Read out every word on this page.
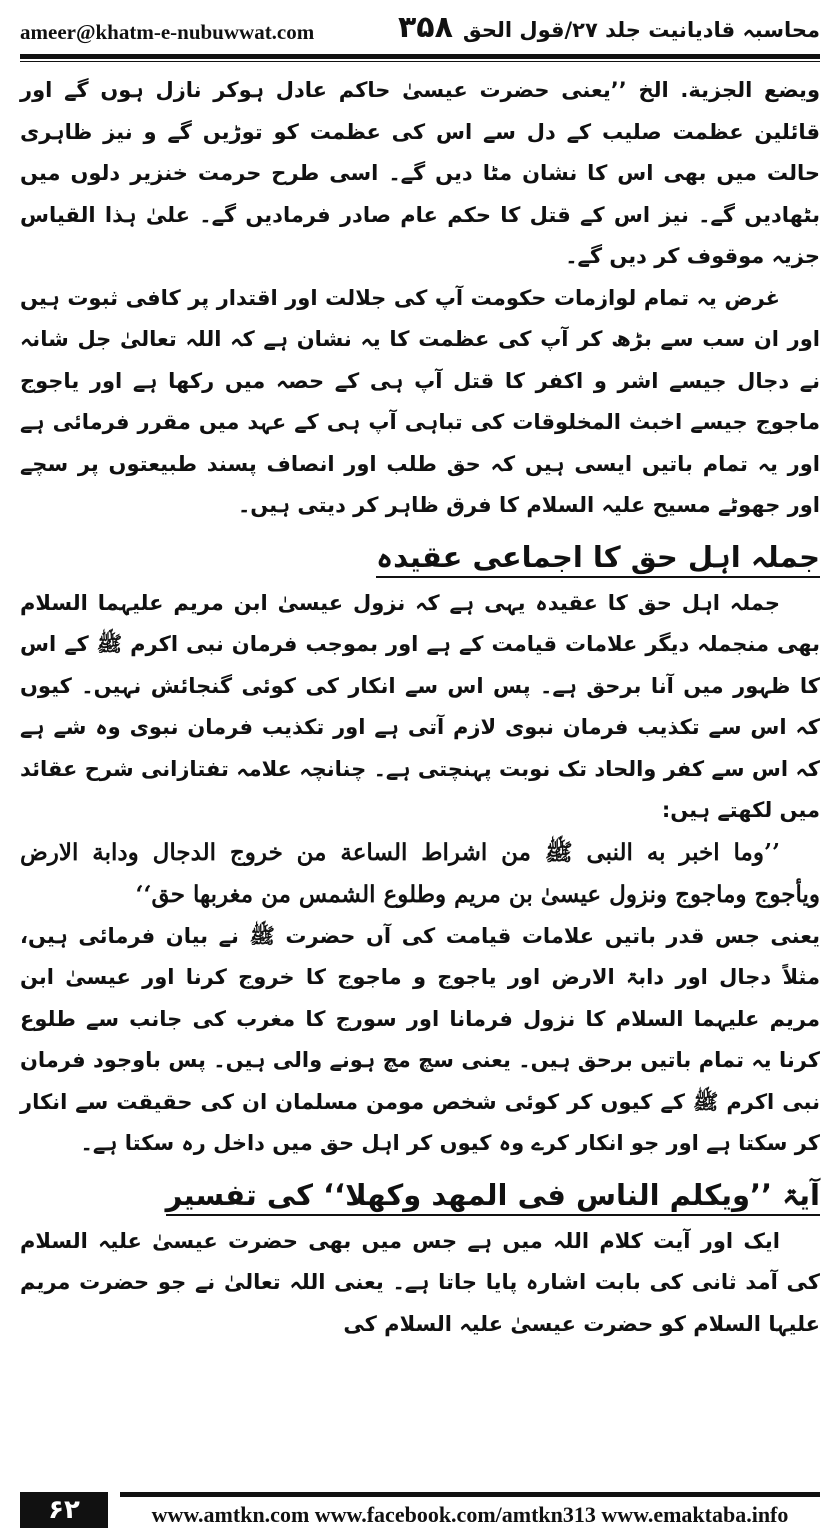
ameer@khatm-e-nubuwwat.com	۳۵۸ محاسبہ قادیانیت جلد ۲۷/قول الحق

ویضع الجزیة. الخ ’’یعنی حضرت عیسیٰ حاکم عادل ہوکر نازل ہوں گے اور قائلین عظمت صلیب کے دل سے اس کی عظمت کو توڑیں گے و نیز ظاہری حالت میں بھی اس کا نشان مٹا دیں گے۔ اسی طرح حرمت خنزیر دلوں میں بٹھادیں گے۔ نیز اس کے قتل کا حکم عام صادر فرمادیں گے۔ علیٰ ہذا القیاس جزیہ موقوف کر دیں گے۔

غرض یہ تمام لوازمات حکومت آپ کی جلالت اور اقتدار پر کافی ثبوت ہیں اور ان سب سے بڑھ کر آپ کی عظمت کا یہ نشان ہے کہ اللہ تعالیٰ جل شانہ نے دجال جیسے اشر و اکفر کا قتل آپ ہی کے حصہ میں رکھا ہے اور یاجوج ماجوج جیسے اخبث المخلوقات کی تباہی آپ ہی کے عہد میں مقرر فرمائی ہے اور یہ تمام باتیں ایسی ہیں کہ حق طلب اور انصاف پسند طبیعتوں پر سچے اور جھوٹے مسیح علیہ السلام کا فرق ظاہر کر دیتی ہیں۔

جملہ اہل حق کا اجماعی عقیدہ

جملہ اہل حق کا عقیدہ یہی ہے کہ نزول عیسیٰ ابن مریم علیہما السلام بھی منجملہ دیگر علامات قیامت کے ہے اور بموجب فرمان نبی اکرم ﷺ کے اس کا ظہور میں آنا برحق ہے۔ پس اس سے انکار کی کوئی گنجائش نہیں۔ کیوں کہ اس سے تکذیب فرمان نبوی لازم آتی ہے اور تکذیب فرمان نبوی وہ شے ہے کہ اس سے کفر والحاد تک نوبت پہنچتی ہے۔ چنانچہ علامہ تفتازانی شرح عقائد میں لکھتے ہیں:

’’وما اخبر به النبی ﷺ من اشراط الساعة من خروج الدجال ودابة الارض ویأجوج وماجوج ونزول عیسیٰ بن مریم وطلوع الشمس من مغربها حق‘‘

یعنی جس قدر باتیں علامات قیامت کی آں حضرت ﷺ نے بیان فرمائی ہیں، مثلاً دجال اور دابۃ الارض اور یاجوج و ماجوج کا خروج کرنا اور عیسیٰ ابن مریم علیہما السلام کا نزول فرمانا اور سورج کا مغرب کی جانب سے طلوع کرنا یہ تمام باتیں برحق ہیں۔ یعنی سچ مچ ہونے والی ہیں۔ پس باوجود فرمان نبی اکرم ﷺ کے کیوں کر کوئی شخص مومن مسلمان ان کی حقیقت سے انکار کر سکتا ہے اور جو انکار کرے وہ کیوں کر اہل حق میں داخل رہ سکتا ہے۔

آیۃ ’’ویکلم الناس فی المهد وکهلا‘‘ کی تفسیر

ایک اور آیت کلام اللہ میں ہے جس میں بھی حضرت عیسیٰ علیہ السلام کی آمد ثانی کی بابت اشارہ پایا جاتا ہے۔ یعنی اللہ تعالیٰ نے جو حضرت مریم علیہا السلام کو حضرت عیسیٰ علیہ السلام کی

۶۲	www.amtkn.com www.facebook.com/amtkn313 www.emaktaba.info
